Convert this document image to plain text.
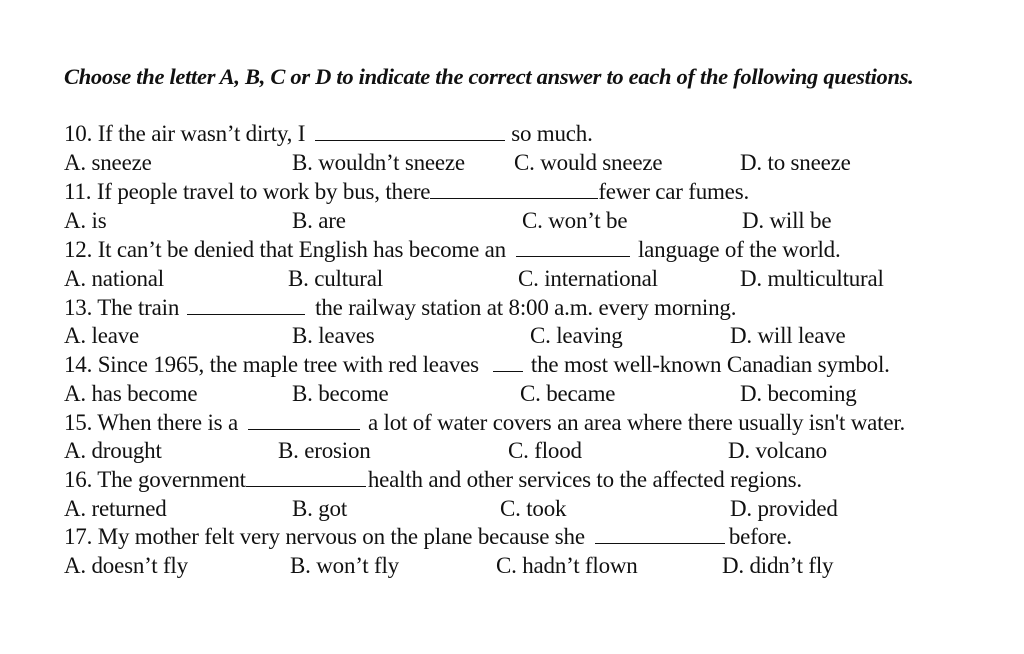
Choose the letter A, B, C or D to indicate the correct answer to each of the following questions.
10. If the air wasn’t dirty, I	so much.
A. sneeze	B. wouldn’t sneeze C. would sneeze	D. to sneeze
11. If people travel to work by bus, there	fewer car fumes.
A. is	B. are	C. won’t be	D. will be
12. It can’t be denied that English has become an	language of the world.
A. national	B. cultural	C. international	D. multicultural
13. The train	the railway station at 8:00 a.m. every morning.
A. leave	B. leaves	C. leaving	D. will leave
14. Since 1965, the maple tree with red leaves the most well-known Canadian symbol.
A. has become	B. become	C. became	D. becoming
15. When there is a	a lot of water covers an area where there usually isn't water.
A. drought	B. erosion	C. flood	D. volcano
16. The government	health and other services to the affected regions.
A. returned	B. got	C. took	D. provided
17. My mother felt very nervous on the plane because she	before.
A. doesn’t fly	B. won’t fly	C. hadn’t flown	D. didn’t fly
